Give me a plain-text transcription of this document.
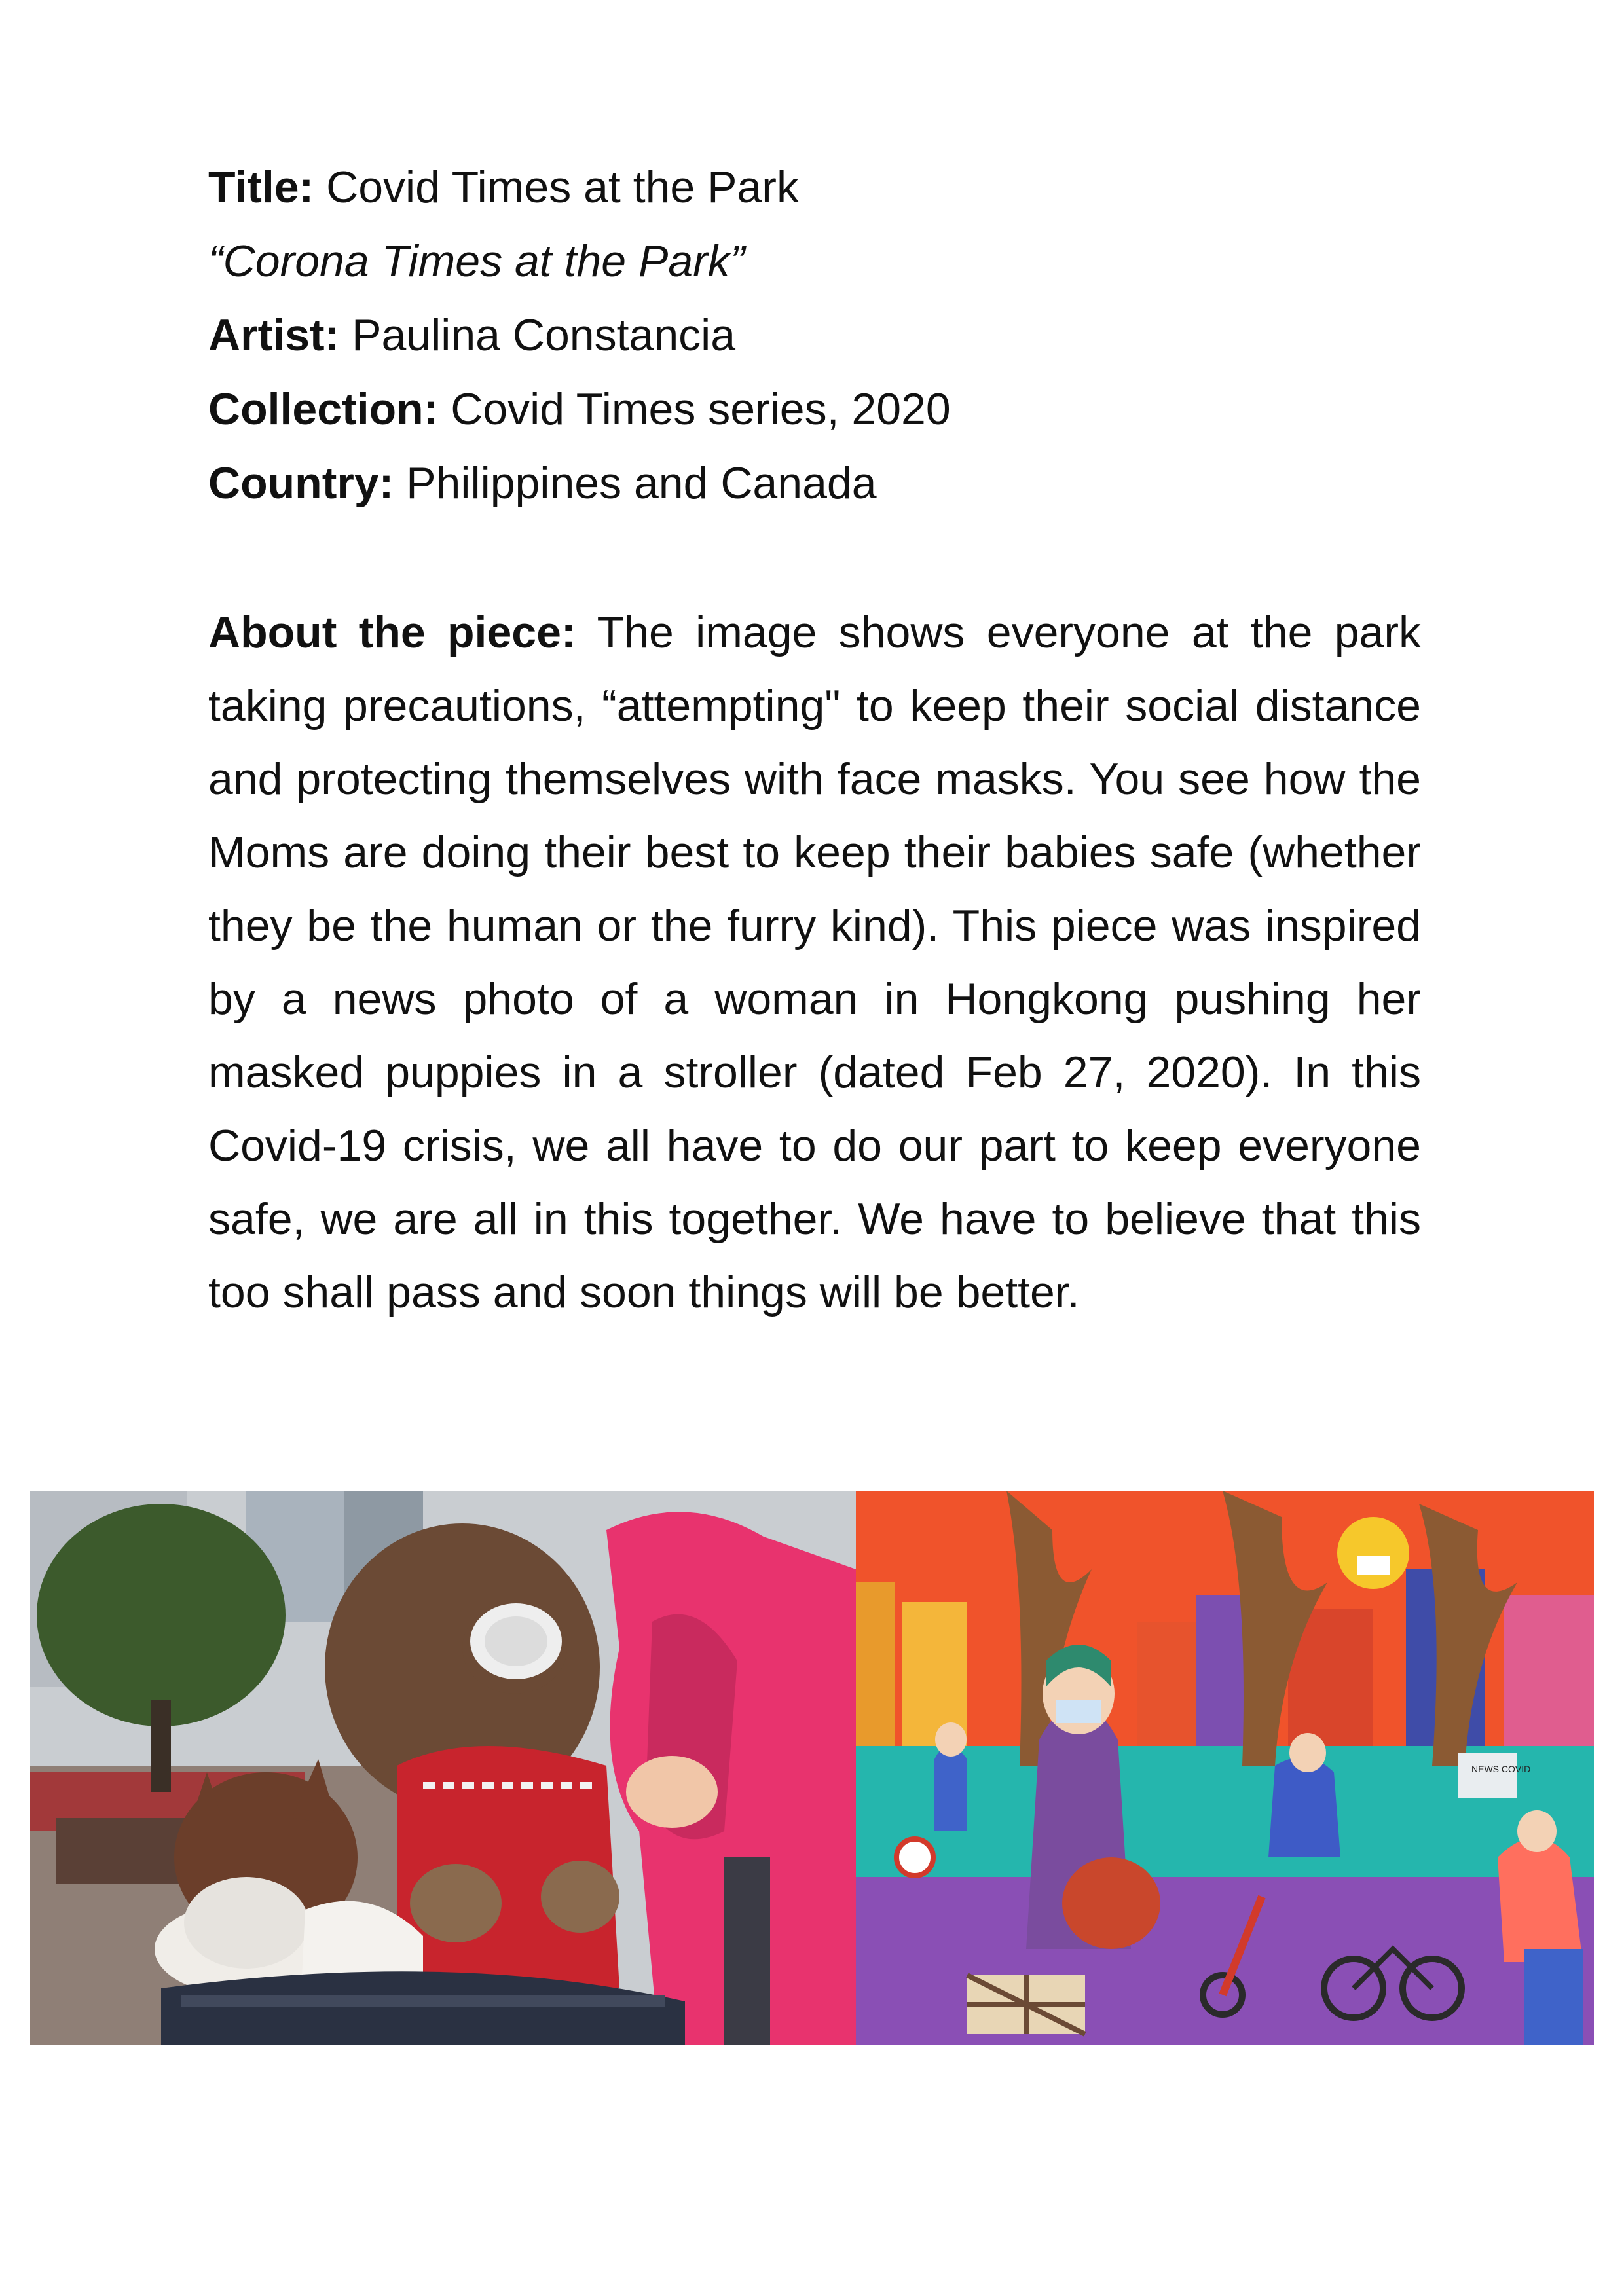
Title: Covid Times at the Park
“Corona Times at the Park”
Artist: Paulina Constancia
Collection: Covid Times series, 2020
Country: Philippines and Canada
About the piece: The image shows everyone at the park taking precautions, “attempting" to keep their social distance and protecting themselves with face masks. You see how the Moms are doing their best to keep their babies safe (whether they be the human or the furry kind). This piece was inspired by a news photo of a woman in Hongkong pushing her masked puppies in a stroller (dated Feb 27, 2020). In this Covid-19 crisis, we all have to do our part to keep everyone safe, we are all in this together. We have to believe that this too shall pass and soon things will be better.
NEWS COVID
